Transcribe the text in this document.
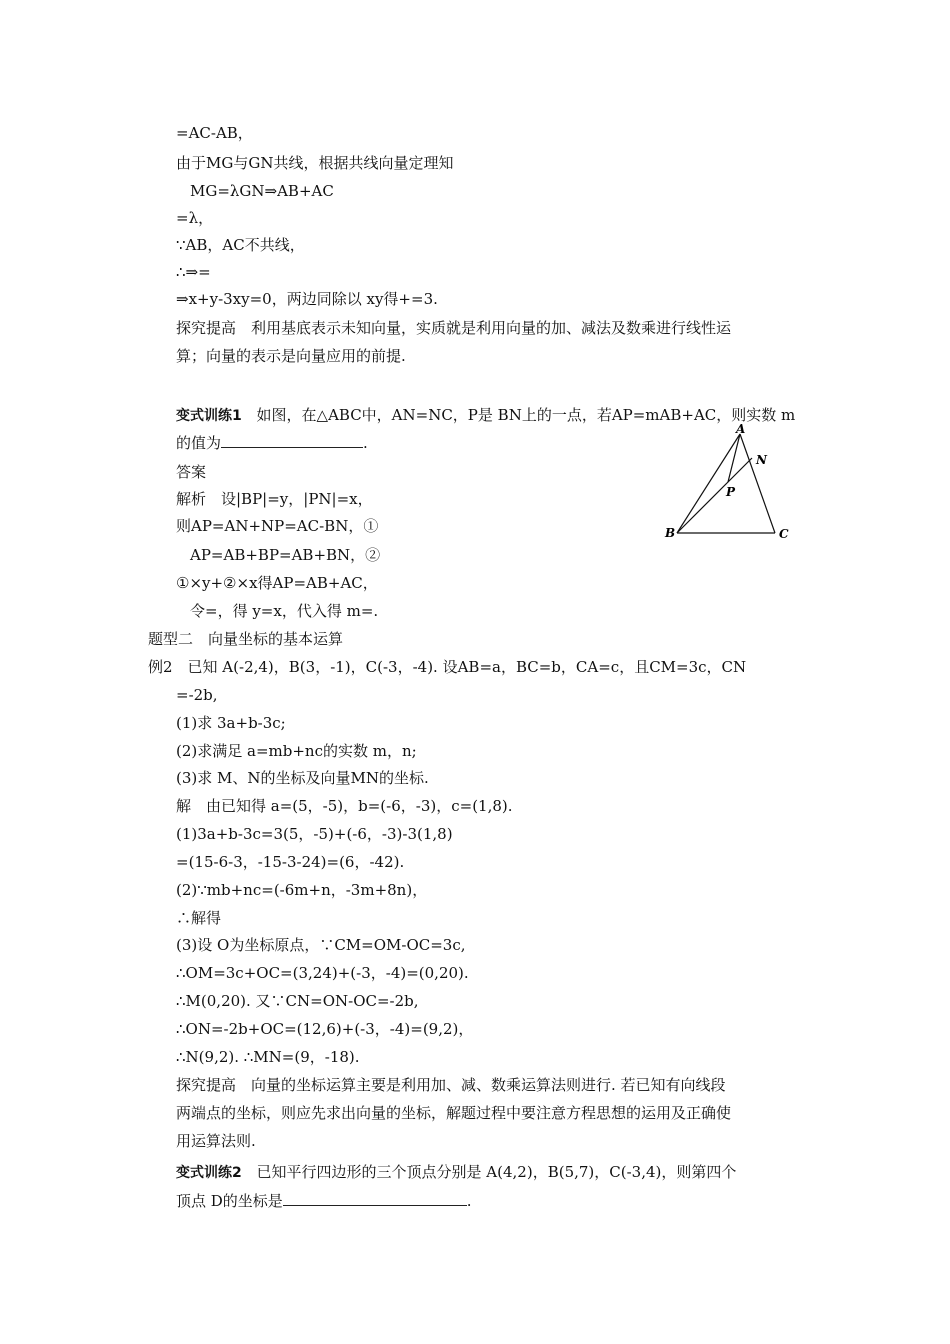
=AC-AB，
由于MG与GN共线，根据共线向量定理知
MG=λGN⇒AB+AC
=λ，
∵AB，AC不共线，
∴⇒=
⇒x+y-3xy=0，两边同除以 xy得+=3.
探究提高　利用基底表示未知向量，实质就是利用向量的加、减法及数乘进行线性运
算；向量的表示是向量应用的前提.
变式训练1 如图，在△ABC中，AN=NC，P是 BN上的一点，若AP=mAB+AC，则实数 m
的值为	.
答案
解析　设|BP|=y，|PN|=x，
则AP=AN+NP=AC-BN，①
AP=AB+BP=AB+BN，②
①×y+②×x得AP=AB+AC，
令=，得 y=x，代入得 m=.
A
N
P
B	C
题型二　向量坐标的基本运算
例2　已知 A(-2,4)，B(3，-1)，C(-3，-4). 设AB=a，BC=b，CA=c，且CM=3c，CN
=-2b,
(1)求 3a+b-3c;
(2)求满足 a=mb+nc的实数 m，n;
(3)求 M、N的坐标及向量MN的坐标.
解　由已知得 a=(5，-5)，b=(-6，-3)，c=(1,8).
(1)3a+b-3c=3(5，-5)+(-6，-3)-3(1,8)
=(15-6-3，-15-3-24)=(6，-42).
(2)∵mb+nc=(-6m+n，-3m+8n)，
∴解得
(3)设 O为坐标原点，∵CM=OM-OC=3c,
∴OM=3c+OC=(3,24)+(-3，-4)=(0,20).
∴M(0,20). 又∵CN=ON-OC=-2b,
∴ON=-2b+OC=(12,6)+(-3，-4)=(9,2)，
∴N(9,2). ∴MN=(9，-18).
探究提高　向量的坐标运算主要是利用加、减、数乘运算法则进行. 若已知有向线段
两端点的坐标，则应先求出向量的坐标，解题过程中要注意方程思想的运用及正确使
用运算法则.
变式训练2 已知平行四边形的三个顶点分别是 A(4,2)，B(5,7)，C(-3,4)，则第四个
顶点 D的坐标是	.
